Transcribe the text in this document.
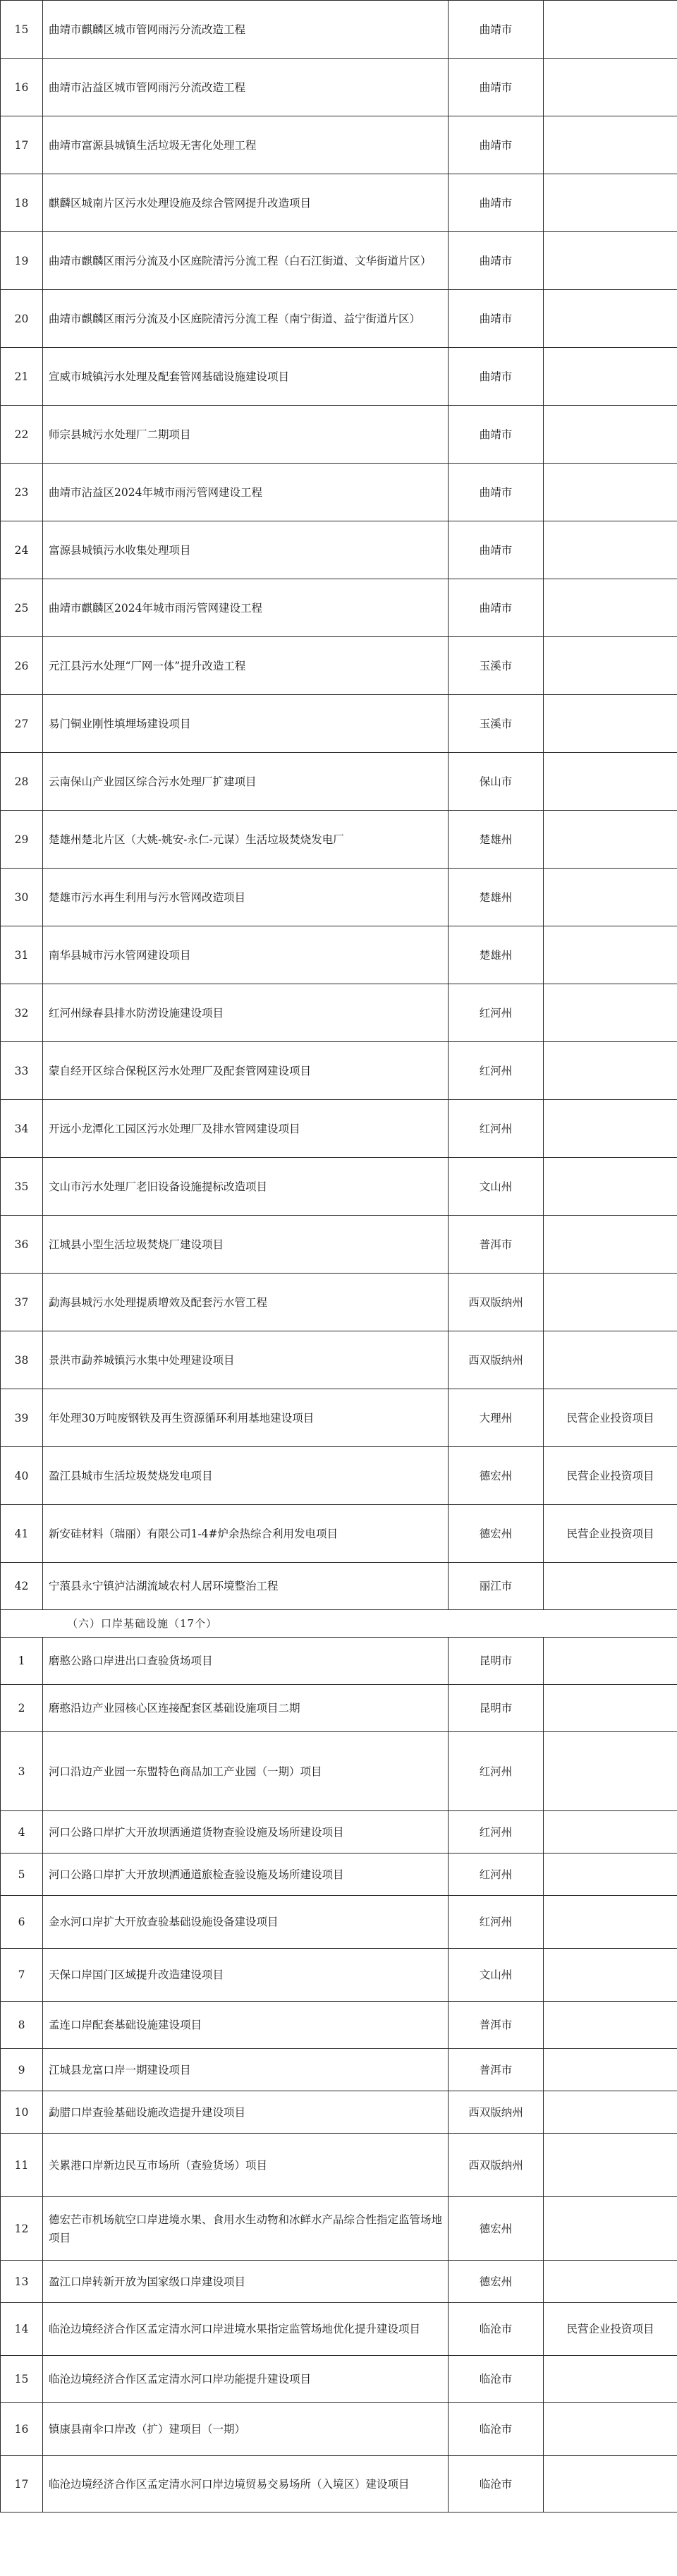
15	曲靖市麒麟区城市管网雨污分流改造工程	曲靖市	
16	曲靖市沾益区城市管网雨污分流改造工程	曲靖市	
17	曲靖市富源县城镇生活垃圾无害化处理工程	曲靖市	
18	麒麟区城南片区污水处理设施及综合管网提升改造项目	曲靖市	
19	曲靖市麒麟区雨污分流及小区庭院清污分流工程（白石江街道、文华街道片区）	曲靖市	
20	曲靖市麒麟区雨污分流及小区庭院清污分流工程（南宁街道、益宁街道片区）	曲靖市	
21	宣威市城镇污水处理及配套管网基础设施建设项目	曲靖市	
22	师宗县城污水处理厂二期项目	曲靖市	
23	曲靖市沾益区2024年城市雨污管网建设工程	曲靖市	
24	富源县城镇污水收集处理项目	曲靖市	
25	曲靖市麒麟区2024年城市雨污管网建设工程	曲靖市	
26	元江县污水处理“厂网一体”提升改造工程	玉溪市	
27	易门铜业刚性填埋场建设项目	玉溪市	
28	云南保山产业园区综合污水处理厂扩建项目	保山市	
29	楚雄州楚北片区（大姚-姚安-永仁-元谋）生活垃圾焚烧发电厂	楚雄州	
30	楚雄市污水再生利用与污水管网改造项目	楚雄州	
31	南华县城市污水管网建设项目	楚雄州	
32	红河州绿春县排水防涝设施建设项目	红河州	
33	蒙自经开区综合保税区污水处理厂及配套管网建设项目	红河州	
34	开远小龙潭化工园区污水处理厂及排水管网建设项目	红河州	
35	文山市污水处理厂老旧设备设施提标改造项目	文山州	
36	江城县小型生活垃圾焚烧厂建设项目	普洱市	
37	勐海县城污水处理提质增效及配套污水管工程	西双版纳州	
38	景洪市勐养城镇污水集中处理建设项目	西双版纳州	
39	年处理30万吨废钢铁及再生资源循环利用基地建设项目	大理州	民营企业投资项目
40	盈江县城市生活垃圾焚烧发电项目	德宏州	民营企业投资项目
41	新安硅材料（瑞丽）有限公司1-4#炉余热综合利用发电项目	德宏州	民营企业投资项目
42	宁蒗县永宁镇泸沽湖流域农村人居环境整治工程	丽江市	
（六）口岸基础设施（17个）			
1	磨憨公路口岸进出口查验货场项目	昆明市	
2	磨憨沿边产业园核心区连接配套区基础设施项目二期	昆明市	
3	河口沿边产业园一东盟特色商品加工产业园（一期）项目	红河州	
4	河口公路口岸扩大开放坝洒通道货物查验设施及场所建设项目	红河州	
5	河口公路口岸扩大开放坝洒通道旅检查验设施及场所建设项目	红河州	
6	金水河口岸扩大开放查验基础设施设备建设项目	红河州	
7	天保口岸国门区域提升改造建设项目	文山州	
8	孟连口岸配套基础设施建设项目	普洱市	
9	江城县龙富口岸一期建设项目	普洱市	
10	勐腊口岸查验基础设施改造提升建设项目	西双版纳州	
11	关累港口岸新边民互市场所（查验货场）项目	西双版纳州	
12	德宏芒市机场航空口岸进境水果、食用水生动物和冰鲜水产品综合性指定监管场地项目	德宏州	
13	盈江口岸转新开放为国家级口岸建设项目	德宏州	
14	临沧边境经济合作区孟定清水河口岸进境水果指定监管场地优化提升建设项目	临沧市	民营企业投资项目
15	临沧边境经济合作区孟定清水河口岸功能提升建设项目	临沧市	
16	镇康县南伞口岸改（扩）建项目（一期）	临沧市	
17	临沧边境经济合作区孟定清水河口岸边境贸易交易场所（入境区）建设项目	临沧市	
